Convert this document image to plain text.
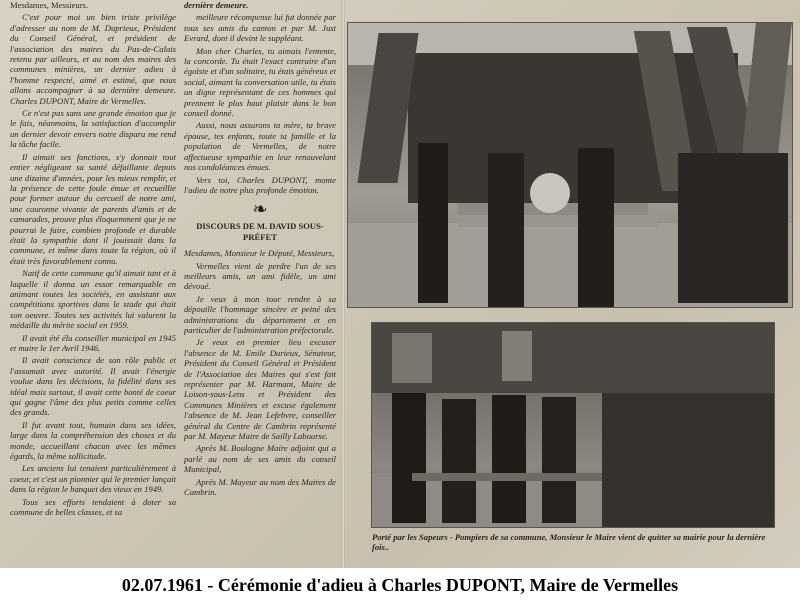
Mesdames, Messieurs.

C'est pour moi un bien triste privilège d'adresser au nom de M. Duprieux, Président du Conseil Général, et président de l'association des maires du Pas-de-Calais retenu par ailleurs, et au nom des maires des communes minières, un dernier adieu à l'homme respecté, aimé et estimé, que nous allons accompagner à sa dernière demeure. Charles DUPONT, Maire de Vermelles.

Ce n'est pas sans une grande émotion que je le fais, néanmoins, la satisfaction d'accomplir un dernier devoir envers notre disparu me rend la tâche facile.

Il aimait ses fonctions, s'y donnait tout entier négligeant sa santé défaillante depuis une dizaine d'années, pour les mieux remplir, et la présence de cette foule émue et recueillie pour former autour du cercueil de notre ami, une couronne vivante de parents d'amis et de camarades, prouve plus éloquemment que je ne pourrai le faire, combien profonde et durable était la sympathie dont il jouissait dans la commune, et même dans toute la région, où il était très favorablement connu.

Natif de cette commune qu'il aimait tant et à laquelle il donna un essor remarquable en animant toutes les sociétés, en assistant aux compétitions sportives dans le stade qui était son oeuvre. Toutes ses activités lui valurent la médaille du mérite social en 1959.

Il avait été élu conseiller municipal en 1945 et maire le 1er Avril 1946.

Il avait conscience de son rôle public et l'assumait avec autorité. Il avait l'énergie voulue dans les décisions, la fidélité dans ses idéal mais surtout, il avait cette bonté de coeur qui gagne l'âme des plus petits comme celles des grands.

Il fut avant tout, humain dans ses idées, large dans la compréhension des choses et du monde, accueillant chacun avec les mêmes égards, la même sollicitude.

Les anciens lui tenaient particulièrement à coeur, et c'est un pionnier qui le premier lançait dans la région le banquet des vieux en 1949.

Tous ses efforts tendaient à doter sa commune de belles classes, et sa

dernière demeure.

meilleure récompense lui fut donnée par tous ses amis du canton et par M. Just Evrard, dont il devint le suppléant.

Mon cher Charles, tu aimais l'entente, la concorde. Tu était l'exact contraire d'un égoïste et d'un solitaire, tu étais généreux et social, aimant la conversation utile, tu étais un digne représentant de ces hommes qui prennent le plus haut plaisir dans le bon conseil donné.

Aussi, nous assurons ta mère, ta brave épouse, tes enfants, toute ta famille et la population de Vermelles, de notre affectueuse sympathie en leur renouvelant nos condoléances émues.

Vers toi, Charles DUPONT, monte l'adieu de notre plus profonde émotion.

❧

DISCOURS DE M. DAVID SOUS-PRÉFET

Mesdames, Monsieur le Député, Messieurs,

Vermelles vient de perdre l'un de ses meilleurs amis, un ami fidèle, un ami dévoué.

Je veux à mon tour rendre à sa dépouille l'hommage sincère et peiné des administrations du département et en particulier de l'administration préfectorale.

Je veux en premier lieu excuser l'absence de M. Emile Durieux, Sénateur, Président du Conseil Général et Président de l'Association des Maires qui s'est fait représenter par M. Harmant, Maire de Loison-sous-Lens et Président des Communes Minières et excuse également l'absence de M. Jean Lefebvre, conseiller général du Centre de Cambrin représenté par M. Mayeur Maire de Sailly Labourse.

Après M. Boulogne Maire adjoint qui a parlé au nom de ses amis du conseil Municipal,

Après M. Mayeur au nom des Maires de Cambrin.

Porté par les Sapeurs - Pompiers de sa commune, Monsieur le Maire vient de quitter sa mairie pour la dernière fois..
02.07.1961 - Cérémonie d'adieu à Charles DUPONT, Maire de Vermelles
